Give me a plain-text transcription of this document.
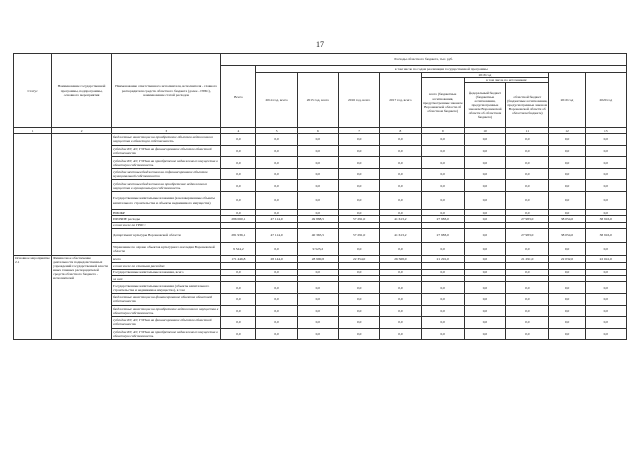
17
Статус	Наименование государственной программы, подпрограммы, основного мероприятия	Наименование ответственного исполнителя, исполнителя - главного распорядителя средств областного бюджета (далее - ГРБС), наименование статей расходов	Расходы областного бюджета, тыс. руб.									
			Всего	в том числе по годам реализации государственной программы								
				2014 год, всего	2015 год, всего	2016 год, всего	2017 год, всего	2018 год			2019 год	2020 год
								всего (бюджетные ассигнования, предусмотренные законом Воронежской области об областном бюджете)	в том числе по источникам:			
									федеральный бюджет (бюджетные ассигнования, предусмотренные законом Воронежской области об областном бюджете)	областной бюджет (бюджетные ассигнования, предусмотренные законом Воронежской области об областном бюджете)		
1	2	3	4	5	6	7	8	9	10	11	12	13
		бюджетные инвестиции на приобретение объектов недвижимого имущества в областную собственность	0,0	0,0	0,0	0,0	0,0	0,0	0,0	0,0	0,0	0,0
		субсидии БУ, АУ, ГУПам на финансирование объектов областной собственности	0,0	0,0	0,0	0,0	0,0	0,0	0,0	0,0	0,0	0,0
		субсидии БУ, АУ, ГУПам на приобретение недвижимого имущества в областную собственность	0,0	0,0	0,0	0,0	0,0	0,0	0,0	0,0	0,0	0,0
		субсидии местным бюджетам на софинансирование объектов муниципальной собственности	0,0	0,0	0,0	0,0	0,0	0,0	0,0	0,0	0,0	0,0
		субсидии местным бюджетам на приобретение недвижимого имущества в муниципальную собственность	0,0	0,0	0,0	0,0	0,0	0,0	0,0	0,0	0,0	0,0
		Государственные капитальные вложения (в незавершенные объекты капитального строительства и объекты недвижимого имущества)	0,0	0,0	0,0	0,0	0,0	0,0	0,0	0,0	0,0	0,0
		НИОКР	0,0	0,0	0,0	0,0	0,0	0,0	0,0	0,0	0,0	0,0
		ПРОЧИЕ расходы	286 060,1	47 114,0	49 888,5	57 291,0	41 613,2	27 983,0	0,0	27 983,0	38 054,0	38 916,0
		в том числе по ГРБС:										
		Департамент культуры Воронежской области	281 936,1	47 114,0	40 365,5	57 291,0	41 613,2	27 983,0	0,0	27 983,0	38 054,0	38 916,0
		Управление по охране объектов культурного наследия Воронежской области	9 524,2	0,0	9 523,2	0,0	0,0	0,0	0,0	0,0	0,0	0,0
Основное мероприятие 2.1	Финансовое обеспечение деятельности подведомственных учреждений государственной власти иных главных распорядителей средств областного бюджета - исполнителей	всего	171 446,8	28 144,0	28 990,8	22 354,0	26 568,0	21 291,0	0,0	21 291,0	22 032,0	22 041,0
		в том числе по статьям расходов:										
		Государственные капитальные вложения, всего	0,0	0,0	0,0	0,0	0,0	0,0	0,0	0,0	0,0	0,0
		из них:										
		Государственные капитальные вложения (объекты капитального строительства и недвижимое имущество), в том	0,0	0,0	0,0	0,0	0,0	0,0	0,0	0,0	0,0	0,0
		бюджетные инвестиции на финансирование объектов областной собственности	0,0	0,0	0,0	0,0	0,0	0,0	0,0	0,0	0,0	0,0
		бюджетные инвестиции на приобретение недвижимого имущества в областную собственность	0,0	0,0	0,0	0,0	0,0	0,0	0,0	0,0	0,0	0,0
		субсидии БУ, АУ, ГУПам на финансирование объектов областной собственности	0,0	0,0	0,0	0,0	0,0	0,0	0,0	0,0	0,0	0,0
		субсидии БУ, АУ, ГУПам на приобретение недвижимого имущества в областную собственность	0,0	0,0	0,0	0,0	0,0	0,0	0,0	0,0	0,0	0,0
